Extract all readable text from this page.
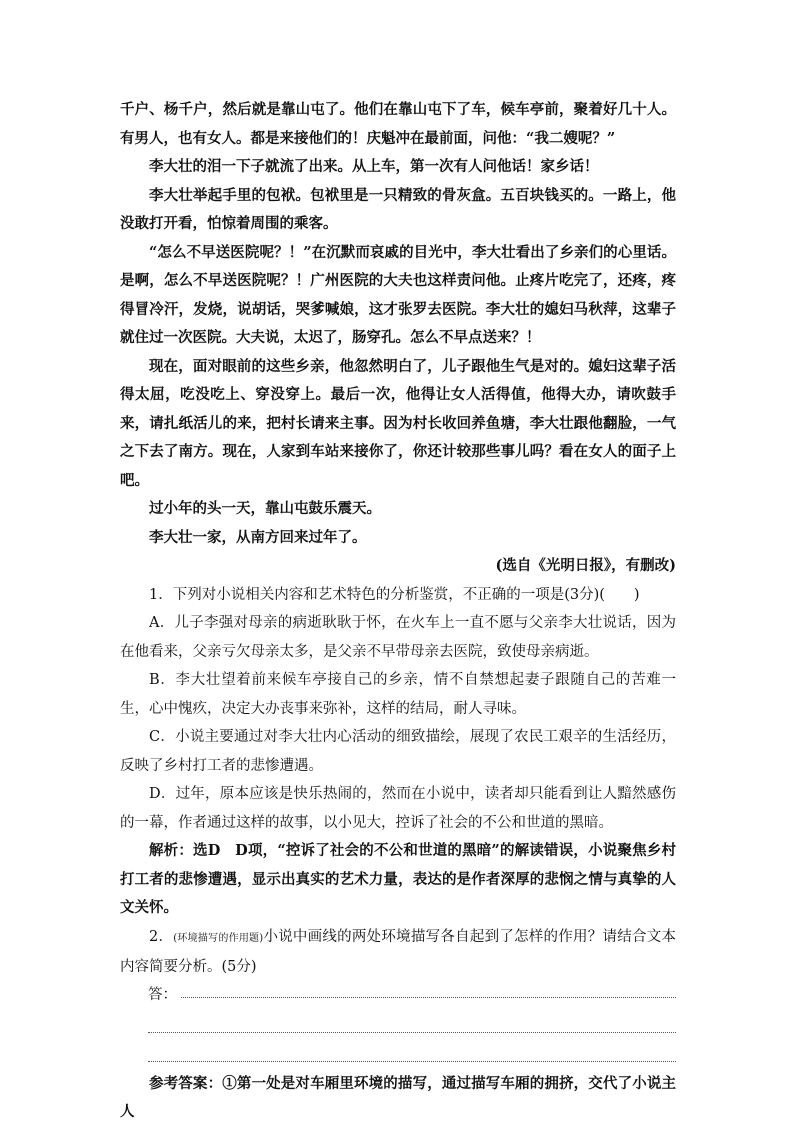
千户、杨千户，然后就是靠山屯了。他们在靠山屯下了车，候车亭前，聚着好几十人。有男人，也有女人。都是来接他们的！庆魁冲在最前面，问他：“我二嫂呢？”

李大壮的泪一下子就流了出来。从上车，第一次有人问他话！家乡话！

李大壮举起手里的包袱。包袱里是一只精致的骨灰盒。五百块钱买的。一路上，他没敢打开看，怕惊着周围的乘客。

“怎么不早送医院呢？！”在沉默而哀戚的目光中，李大壮看出了乡亲们的心里话。是啊，怎么不早送医院呢？！广州医院的大夫也这样责问他。止疼片吃完了，还疼，疼得冒冷汗，发烧，说胡话，哭爹喊娘，这才张罗去医院。李大壮的媳妇马秋萍，这辈子就住过一次医院。大夫说，太迟了，肠穿孔。怎么不早点送来？！

现在，面对眼前的这些乡亲，他忽然明白了，儿子跟他生气是对的。媳妇这辈子活得太屈，吃没吃上、穿没穿上。最后一次，他得让女人活得值，他得大办，请吹鼓手来，请扎纸活儿的来，把村长请来主事。因为村长收回养鱼塘，李大壮跟他翻脸，一气之下去了南方。现在，人家到车站来接你了，你还计较那些事儿吗？看在女人的面子上吧。

过小年的头一天，靠山屯鼓乐震天。

李大壮一家，从南方回来过年了。

(选自《光明日报》，有删改)

1．下列对小说相关内容和艺术特色的分析鉴赏，不正确的一项是(3分)(　　)

A．儿子李强对母亲的病逝耿耿于怀，在火车上一直不愿与父亲李大壮说话，因为在他看来，父亲亏欠母亲太多，是父亲不早带母亲去医院，致使母亲病逝。

B．李大壮望着前来候车亭接自己的乡亲，情不自禁想起妻子跟随自己的苦难一生，心中愧疚，决定大办丧事来弥补，这样的结局，耐人寻味。

C．小说主要通过对李大壮内心活动的细致描绘，展现了农民工艰辛的生活经历，反映了乡村打工者的悲惨遭遇。

D．过年，原本应该是快乐热闹的，然而在小说中，读者却只能看到让人黯然感伤的一幕，作者通过这样的故事，以小见大，控诉了社会的不公和世道的黑暗。

解析：选D　D项，“控诉了社会的不公和世道的黑暗”的解读错误，小说聚焦乡村打工者的悲惨遭遇，显示出真实的艺术力量，表达的是作者深厚的悲悯之情与真挚的人文关怀。

2．(环境描写的作用题)小说中画线的两处环境描写各自起到了怎样的作用？请结合文本内容简要分析。(5分)

答：

参考答案：①第一处是对车厢里环境的描写，通过描写车厢的拥挤，交代了小说主人
